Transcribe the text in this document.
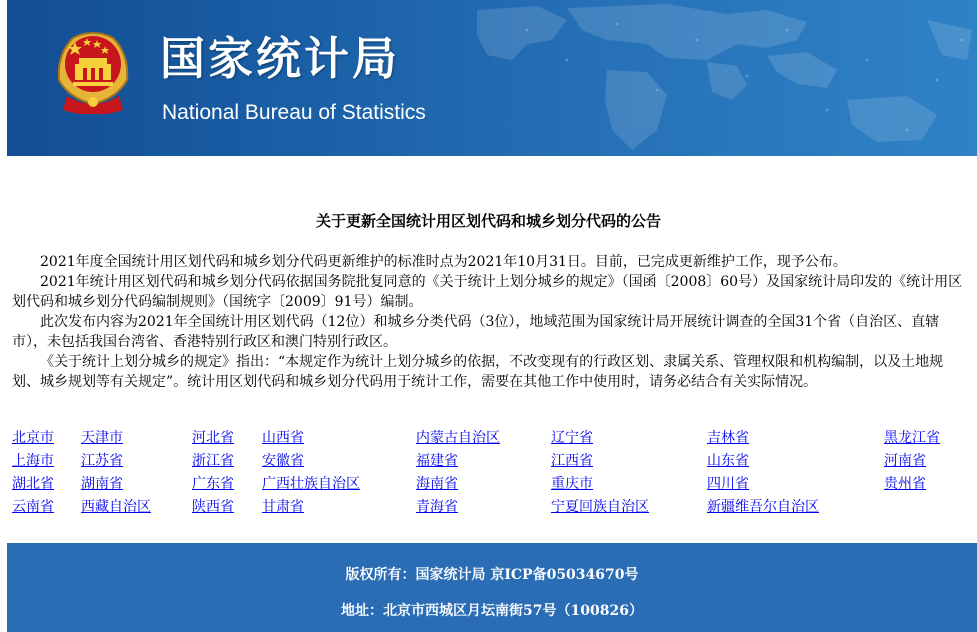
国家统计局
National Bureau of Statistics
关于更新全国统计用区划代码和城乡划分代码的公告

2021年度全国统计用区划代码和城乡划分代码更新维护的标准时点为2021年10月31日。目前，已完成更新维护工作，现予公布。

2021年统计用区划代码和城乡划分代码依据国务院批复同意的《关于统计上划分城乡的规定》（国函〔2008〕60号）及国家统计局印发的《统计用区划代码和城乡划分代码编制规则》（国统字〔2009〕91号）编制。

此次发布内容为2021年全国统计用区划代码（12位）和城乡分类代码（3位），地域范围为国家统计局开展统计调查的全国31个省（自治区、直辖市），未包括我国台湾省、香港特别行政区和澳门特别行政区。

《关于统计上划分城乡的规定》指出：“本规定作为统计上划分城乡的依据，不改变现有的行政区划、隶属关系、管理权限和机构编制，以及土地规划、城乡规划等有关规定”。统计用区划代码和城乡划分代码用于统计工作，需要在其他工作中使用时，请务必结合有关实际情况。

北京市 天津市	河北省 山西省	内蒙古自治区	辽宁省	吉林省	黑龙江省
上海市 江苏省	浙江省 安徽省	福建省	江西省	山东省	河南省
湖北省 湖南省	广东省 广西壮族自治区	海南省	重庆市	四川省	贵州省
云南省 西藏自治区	陕西省 甘肃省	青海省	宁夏回族自治区	新疆维吾尔自治区
版权所有：国家统计局 京ICP备05034670号
地址：北京市西城区月坛南街57号（100826）
